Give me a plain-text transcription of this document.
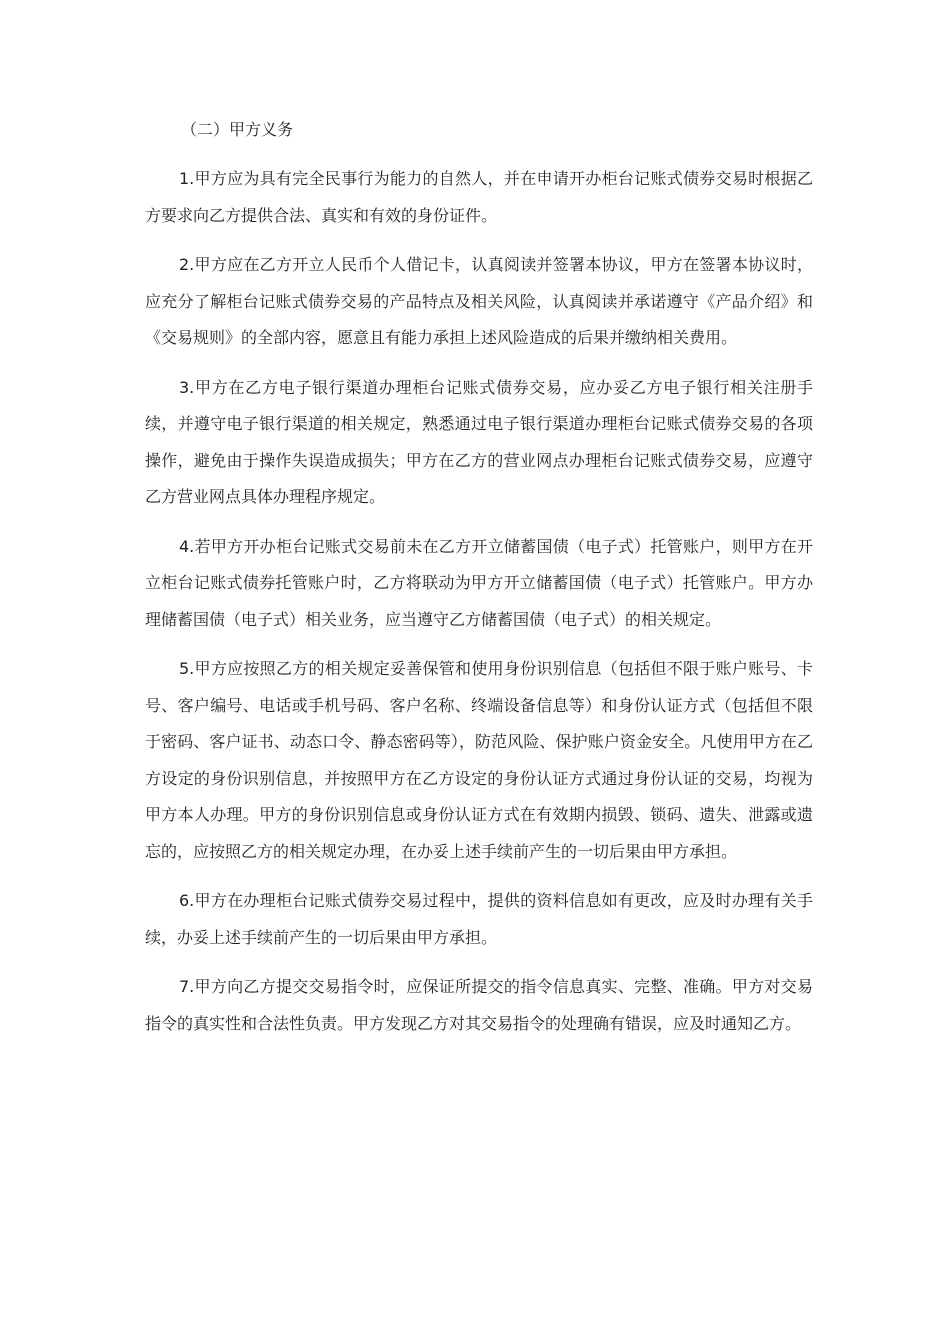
（二）甲方义务

1.甲方应为具有完全民事行为能力的自然人，并在申请开办柜台记账式债券交易时根据乙方要求向乙方提供合法、真实和有效的身份证件。

2.甲方应在乙方开立人民币个人借记卡，认真阅读并签署本协议，甲方在签署本协议时，应充分了解柜台记账式债券交易的产品特点及相关风险，认真阅读并承诺遵守《产品介绍》和《交易规则》的全部内容，愿意且有能力承担上述风险造成的后果并缴纳相关费用。

3.甲方在乙方电子银行渠道办理柜台记账式债券交易，应办妥乙方电子银行相关注册手续，并遵守电子银行渠道的相关规定，熟悉通过电子银行渠道办理柜台记账式债券交易的各项操作，避免由于操作失误造成损失；甲方在乙方的营业网点办理柜台记账式债券交易，应遵守乙方营业网点具体办理程序规定。

4.若甲方开办柜台记账式交易前未在乙方开立储蓄国债（电子式）托管账户，则甲方在开立柜台记账式债券托管账户时，乙方将联动为甲方开立储蓄国债（电子式）托管账户。甲方办理储蓄国债（电子式）相关业务，应当遵守乙方储蓄国债（电子式）的相关规定。

5.甲方应按照乙方的相关规定妥善保管和使用身份识别信息（包括但不限于账户账号、卡号、客户编号、电话或手机号码、客户名称、终端设备信息等）和身份认证方式（包括但不限于密码、客户证书、动态口令、静态密码等），防范风险、保护账户资金安全。凡使用甲方在乙方设定的身份识别信息，并按照甲方在乙方设定的身份认证方式通过身份认证的交易，均视为甲方本人办理。甲方的身份识别信息或身份认证方式在有效期内损毁、锁码、遗失、泄露或遗忘的，应按照乙方的相关规定办理，在办妥上述手续前产生的一切后果由甲方承担。

6.甲方在办理柜台记账式债券交易过程中，提供的资料信息如有更改，应及时办理有关手续，办妥上述手续前产生的一切后果由甲方承担。

7.甲方向乙方提交交易指令时，应保证所提交的指令信息真实、完整、准确。甲方对交易指令的真实性和合法性负责。甲方发现乙方对其交易指令的处理确有错误，应及时通知乙方。
